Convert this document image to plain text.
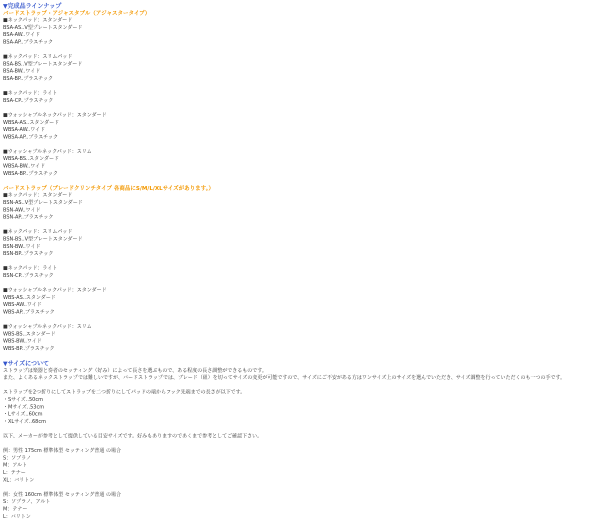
▼完成品ラインナップ
バードストラップ・アジャスタブル（アジャスタータイプ）
■ネックパッド：スタンダード
BSA-AS..V型プレートスタンダード
BSA-AW..ワイド
BSA-AP..プラスチック
■ネックパッド：スリムパッド
BSA-BS..V型プレートスタンダード
BSA-BW..ワイド
BSA-BP..プラスチック
■ネックパッド：ライト
BSA-CP..プラスチック
■ウォッシャブルネックパッド：スタンダード
WBSA-AS..スタンダード
WBSA-AW..ワイド
WBSA-AP..プラスチック
■ウォッシャブルネックパッド：スリム
WBSA-BS..スタンダード
WBSA-BW..ワイド
WBSA-BP..プラスチック
バードストラップ（ブレードクリンチタイプ 各商品にS/M/L/XLサイズがあります。）
■ネックパッド：スタンダード
BSN-AS..V型プレートスタンダード
BSN-AW..ワイド
BSN-AP..プラスチック
■ネックパッド：スリムパッド
BSN-BS..V型プレートスタンダード
BSN-BW..ワイド
BSN-BP..プラスチック
■ネックパッド：ライト
BSN-CP..プラスチック
■ウォッシャブルネックパッド：スタンダード
WBS-AS..スタンダード
WBS-AW..ワイド
WBS-AP..プラスチック
■ウォッシャブルネックパッド：スリム
WBS-BS..スタンダード
WBS-BW..ワイド
WBS-BP..プラスチック
▼サイズについて
ストラップは楽器と奏者のセッティング（好み）によって長さを選ぶもので、ある程度の長さ調整ができるものです。
また、よくあるネックストラップでは難しいですが、バードストラップでは、ブレード（紐）を切ってサイズの変更が可能ですので、サイズにご不安がある方はワンサイズ上のサイズを選んでいただき、サイズ調整を行っていただくのも一つの手です。
ストラップを2つ折りにしてストラップを二つ折りにしてパッドの端からフック先端までの長さが以下です。
・Sサイズ..50cm
・Mサイズ..53cm
・Lサイズ..60cm
・XLサイズ..68cm
以下、メーカーが参考として提供している目安サイズです。好みもありますのであくまで参考としてご確認下さい。
例：男性 175cm 標準体型 セッティング普通 の場合
S：ソプラノ
M：アルト
L：テナー
XL：バリトン
例：女性 160cm 標準体型 セッティング普通 の場合
S：ソプラノ、アルト
M：テナー
L：バリトン
